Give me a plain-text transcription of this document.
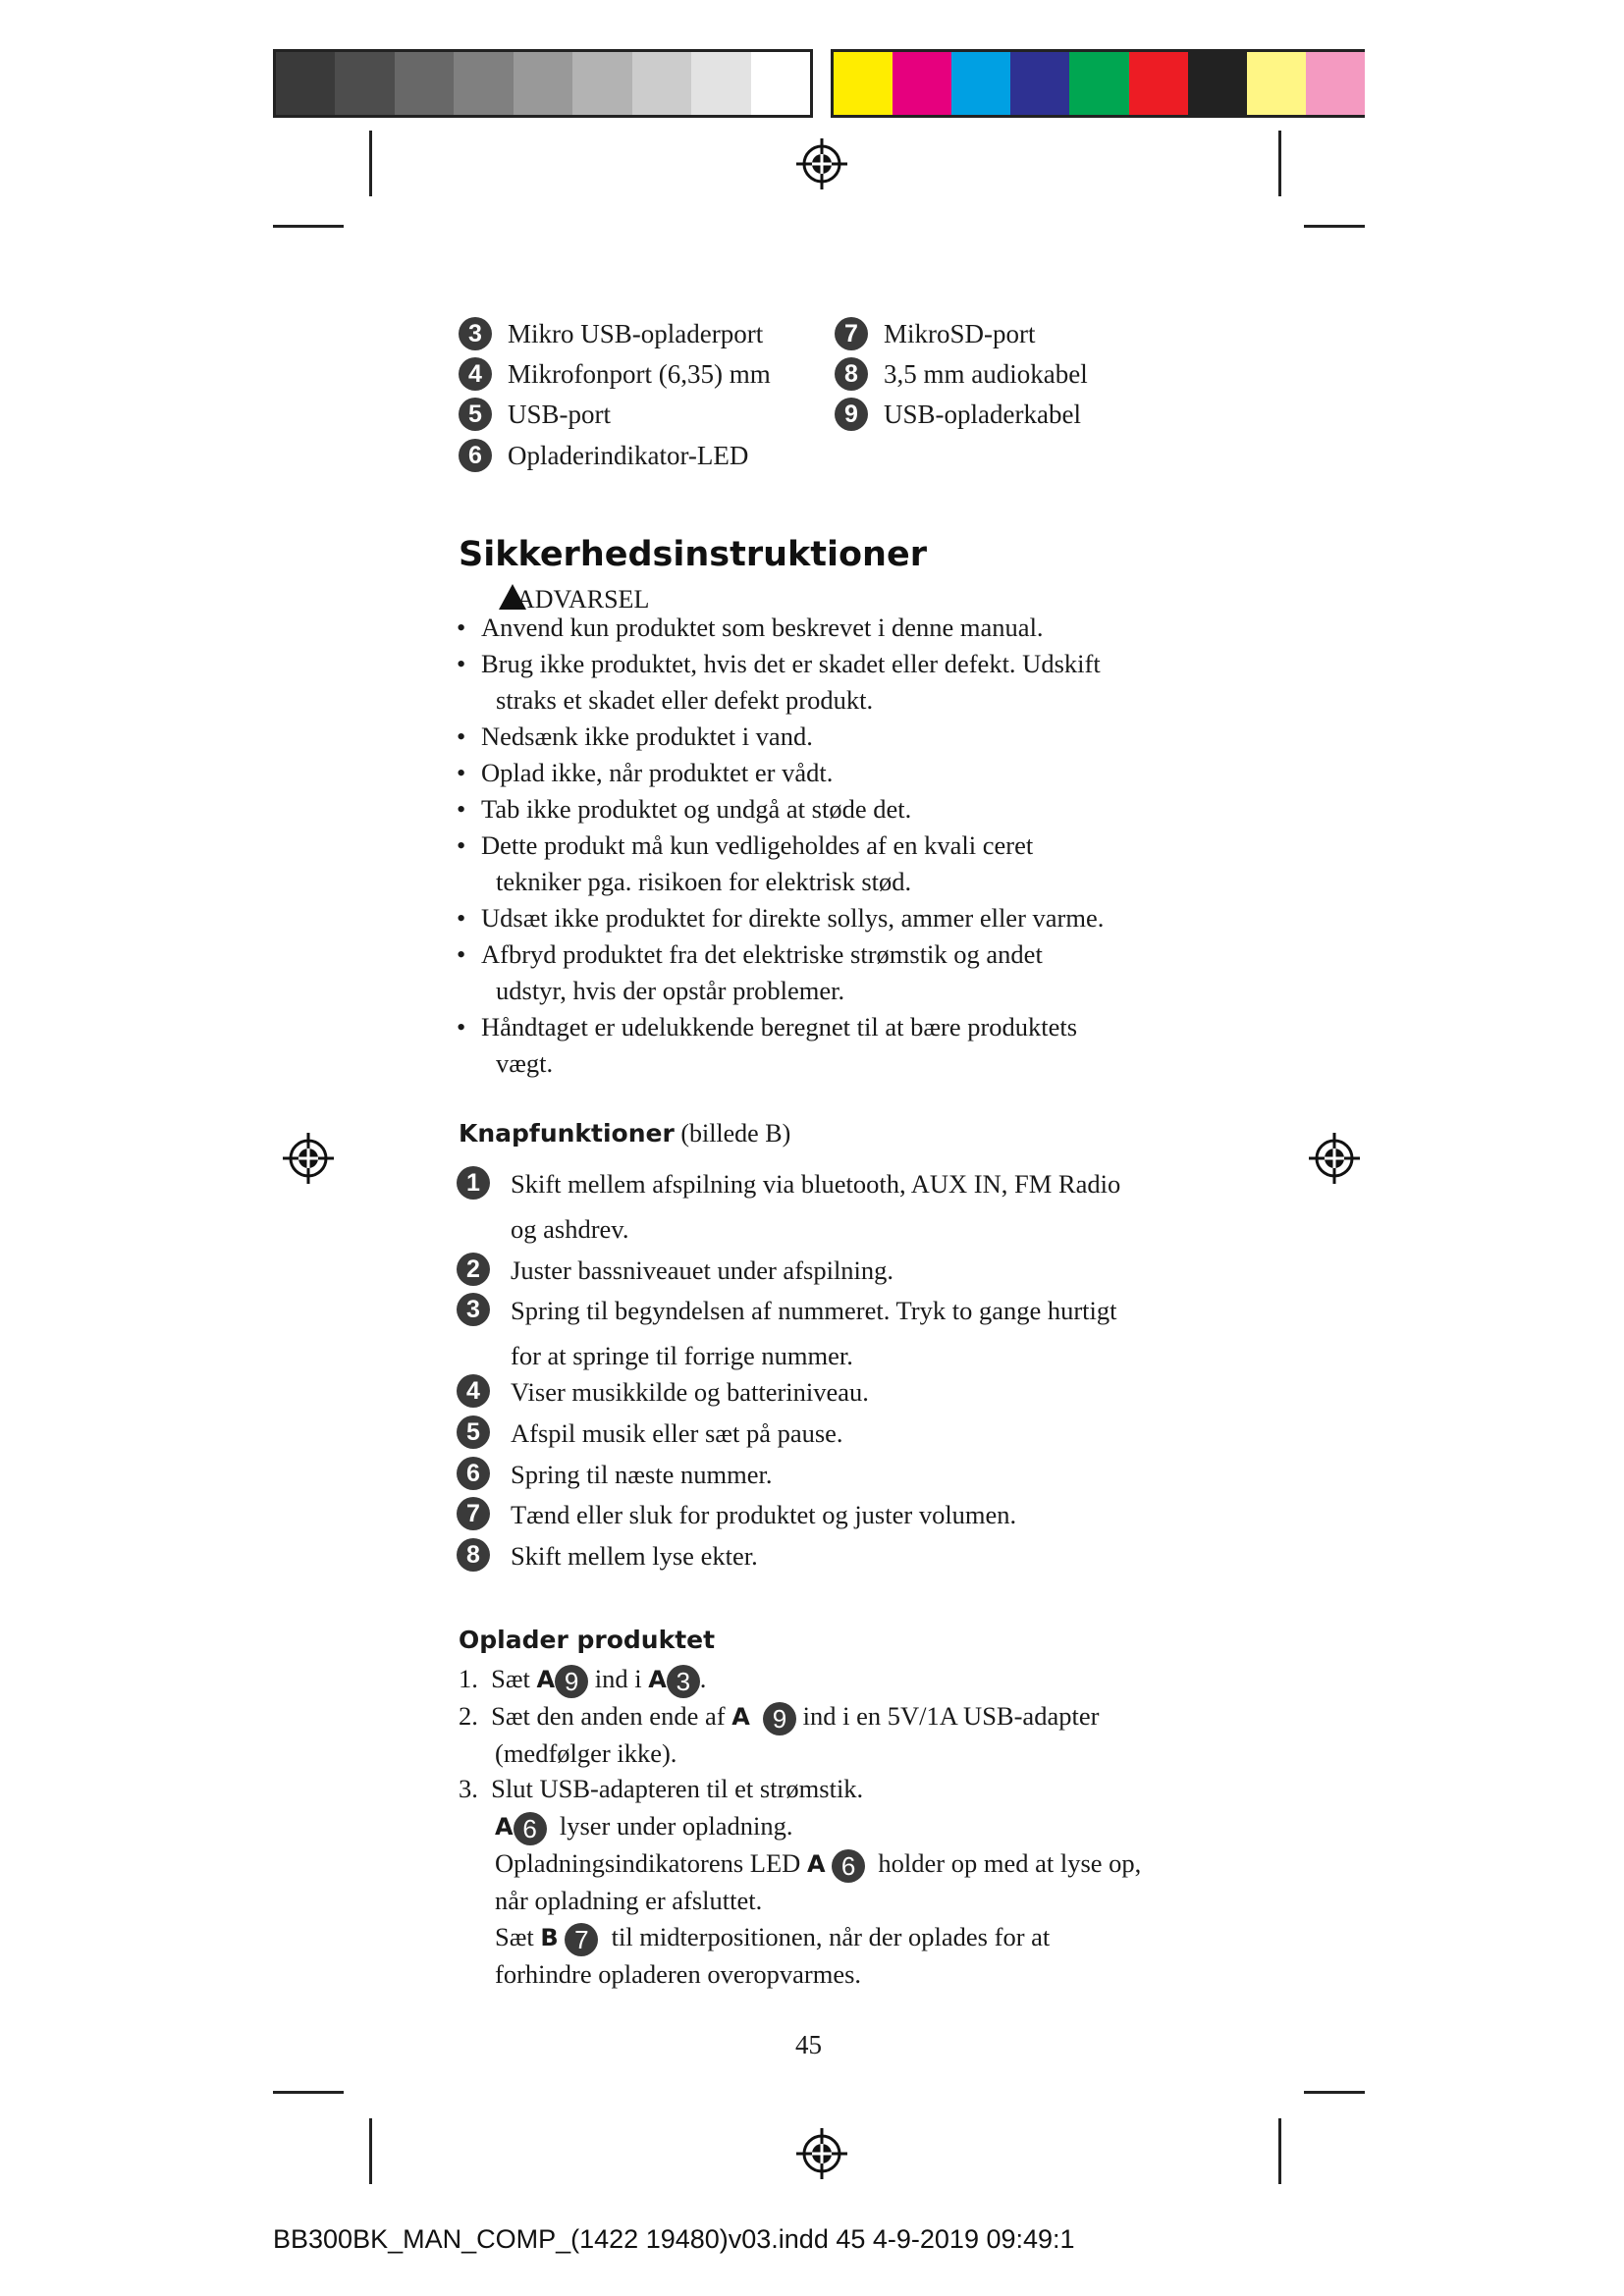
3 Mikro USB-opladerport
4 Mikrofonport (6,35) mm
5 USB-port
6 Opladerindikator-LED
7 MikroSD-port
8 3,5 mm audiokabel
9 USB-opladerkabel
Sikkerhedsinstruktioner
ADVARSEL
• Anvend kun produktet som beskrevet i denne manual.
• Brug ikke produktet, hvis det er skadet eller defekt. Udskift
straks et skadet eller defekt produkt.
• Nedsænk ikke produktet i vand.
• Oplad ikke, når produktet er vådt.
• Tab ikke produktet og undgå at støde det.
• Dette produkt må kun vedligeholdes af en kvali ceret
tekniker pga. risikoen for elektrisk stød.
• Udsæt ikke produktet for direkte sollys, ammer eller varme.
• Afbryd produktet fra det elektriske strømstik og andet
udstyr, hvis der opstår problemer.
• Håndtaget er udelukkende beregnet til at bære produktets
vægt.
Knapfunktioner (billede B)
1	Skift mellem afspilning via bluetooth, AUX IN, FM Radio
og ashdrev.
2	Juster bassniveauet under afspilning.
3	Spring til begyndelsen af nummeret. Tryk to gange hurtigt
for at springe til forrige nummer.
4	Viser musikkilde og batteriniveau.
5	Afspil musik eller sæt på pause.
6	Spring til næste nummer.
7	Tænd eller sluk for produktet og juster volumen.
8	Skift mellem lyse ekter.
Oplader produktet
1. Sæt A 9 ind i A 3 .
2. Sæt den anden ende af A 9 ind i en 5V/1A USB-adapter
(medfølger ikke).
3. Slut USB-adapteren til et strømstik.
A 6 lyser under opladning.
Opladningsindikatorens LED A 6 holder op med at lyse op,
når opladning er afsluttet.
Sæt B 7 til midterpositionen, når der oplades for at
forhindre opladeren overopvarmes.
45
BB300BK_MAN_COMP_(1422 19480)v03.indd 45 4-9-2019 09:49:1
